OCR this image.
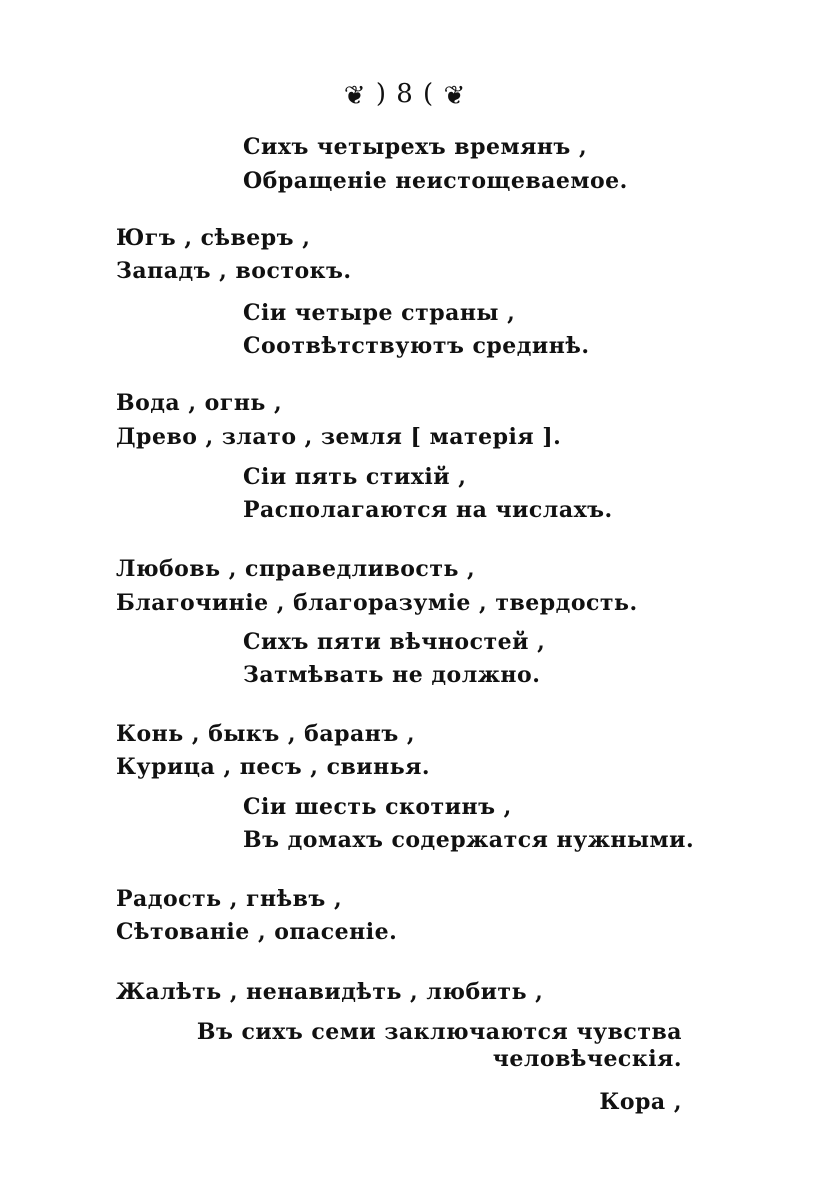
❦ ) 8 ( ❦
Сихъ четырехъ времянъ ,
Обращеніе неистощеваемое.
Югъ , сѣверъ ,
Западъ , востокъ.
Сіи четыре страны ,
Соотвѣтствуютъ срединѣ.
Вода , огнь ,
Древо , злато , земля [ матерія ].
Сіи пять стихій ,
Располагаются на числахъ.
Любовь , справедливость ,
Благочиніе , благоразуміе , твердость.
Сихъ пяти вѣчностей ,
Затмѣвать не должно.
Конь , быкъ , баранъ ,
Курица , песъ , свинья.
Сіи шесть скотинъ ,
Въ домахъ содержатся нужными.
Радость , гнѣвъ ,
Сѣтованіе , опасеніе.
Жалѣть , ненавидѣть , любить ,
Въ сихъ семи заключаются чувства
человѣческія.
Кора ,
